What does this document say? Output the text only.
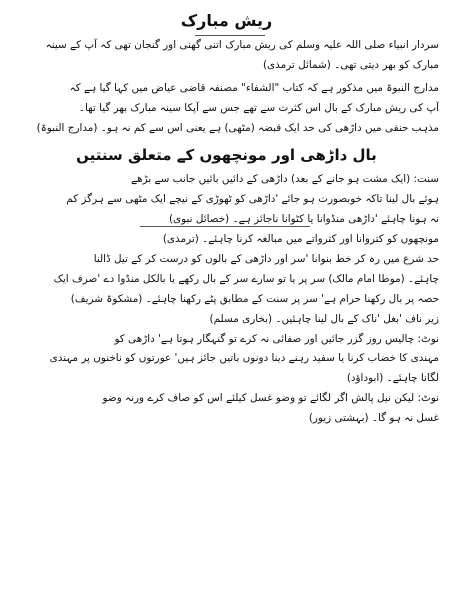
ریش مبارک
سردار انبیاء صلی اللہ علیہ وسلم کی ریش مبارک اتنی گھنی اور گنجان تھی کہ آپ کے سینہ
مبارک کو بھر دیتی تھی۔ (شمائل ترمذی)
مدارج النبوۃ میں مذکور ہے کہ کتاب "الشفاء" مصنفہ قاضی عیاض میں کہا گیا ہے کہ
آپ کی ریش مبارک کے بال اس کثرت سے تھے جس سے آپکا سینہ مبارک بھر گیا تھا۔
مذہب حنفی میں داڑھی کی حد ایک قبضہ (مٹھی) ہے یعنی اس سے کم نہ ہو۔ (مدارج النبوۃ)
بال داڑھی اور مونچھوں کے متعلق سنتیں
سنت: (ایک مشت ہو جانے کے بعد) داڑھی کے دائیں بائیں جانب سے بڑھے
ہوئے بال لینا تاکہ خوبصورت ہو جائے 'داڑھی کو ٹھوڑی کے نیچے ایک مٹھی سے ہرگز کم
نہ ہونا چاہئے 'داڑھی منڈوانا یا کٹوانا ناجائز ہے۔ (خصائل نبوی)
مونچھوں کو کتروانا اور کترواتے میں مبالغہ کرنا چاہئے۔ (ترمذی)
حد شرع میں رہ کر خط بنوانا 'سر اور داڑھی کے بالوں کو درست کر کے تیل ڈالنا
چاہئے۔ (موطا امام مالک) سر پر یا تو سارے سر کے بال رکھے یا بالکل منڈوا دے 'صرف ایک
حصہ پر بال رکھنا حرام ہے' سر پر سنت کے مطابق پٹے رکھنا چاہئے۔ (مشکوۃ شریف)
زیر ناف 'بغل 'ناک کے بال لینا چاہئیں۔ (بخاری مسلم)
نوٹ: چالیس روز گزر جائیں اور صفائی نہ کرے تو گنہگار ہوتا ہے' داڑھی کو
مہندی کا خضاب کرنا یا سفید رہنے دینا دونوں باتیں جائز ہیں' عورتوں کو ناخنوں پر مہندی
لگانا چاہئے۔ (ابوداؤد)
نوٹ: لیکن نیل پالش اگر لگائے تو وضو غسل کیلئے اس کو صاف کرے ورنہ وضو
غسل نہ ہو گا۔ (بہشتی زیور)
